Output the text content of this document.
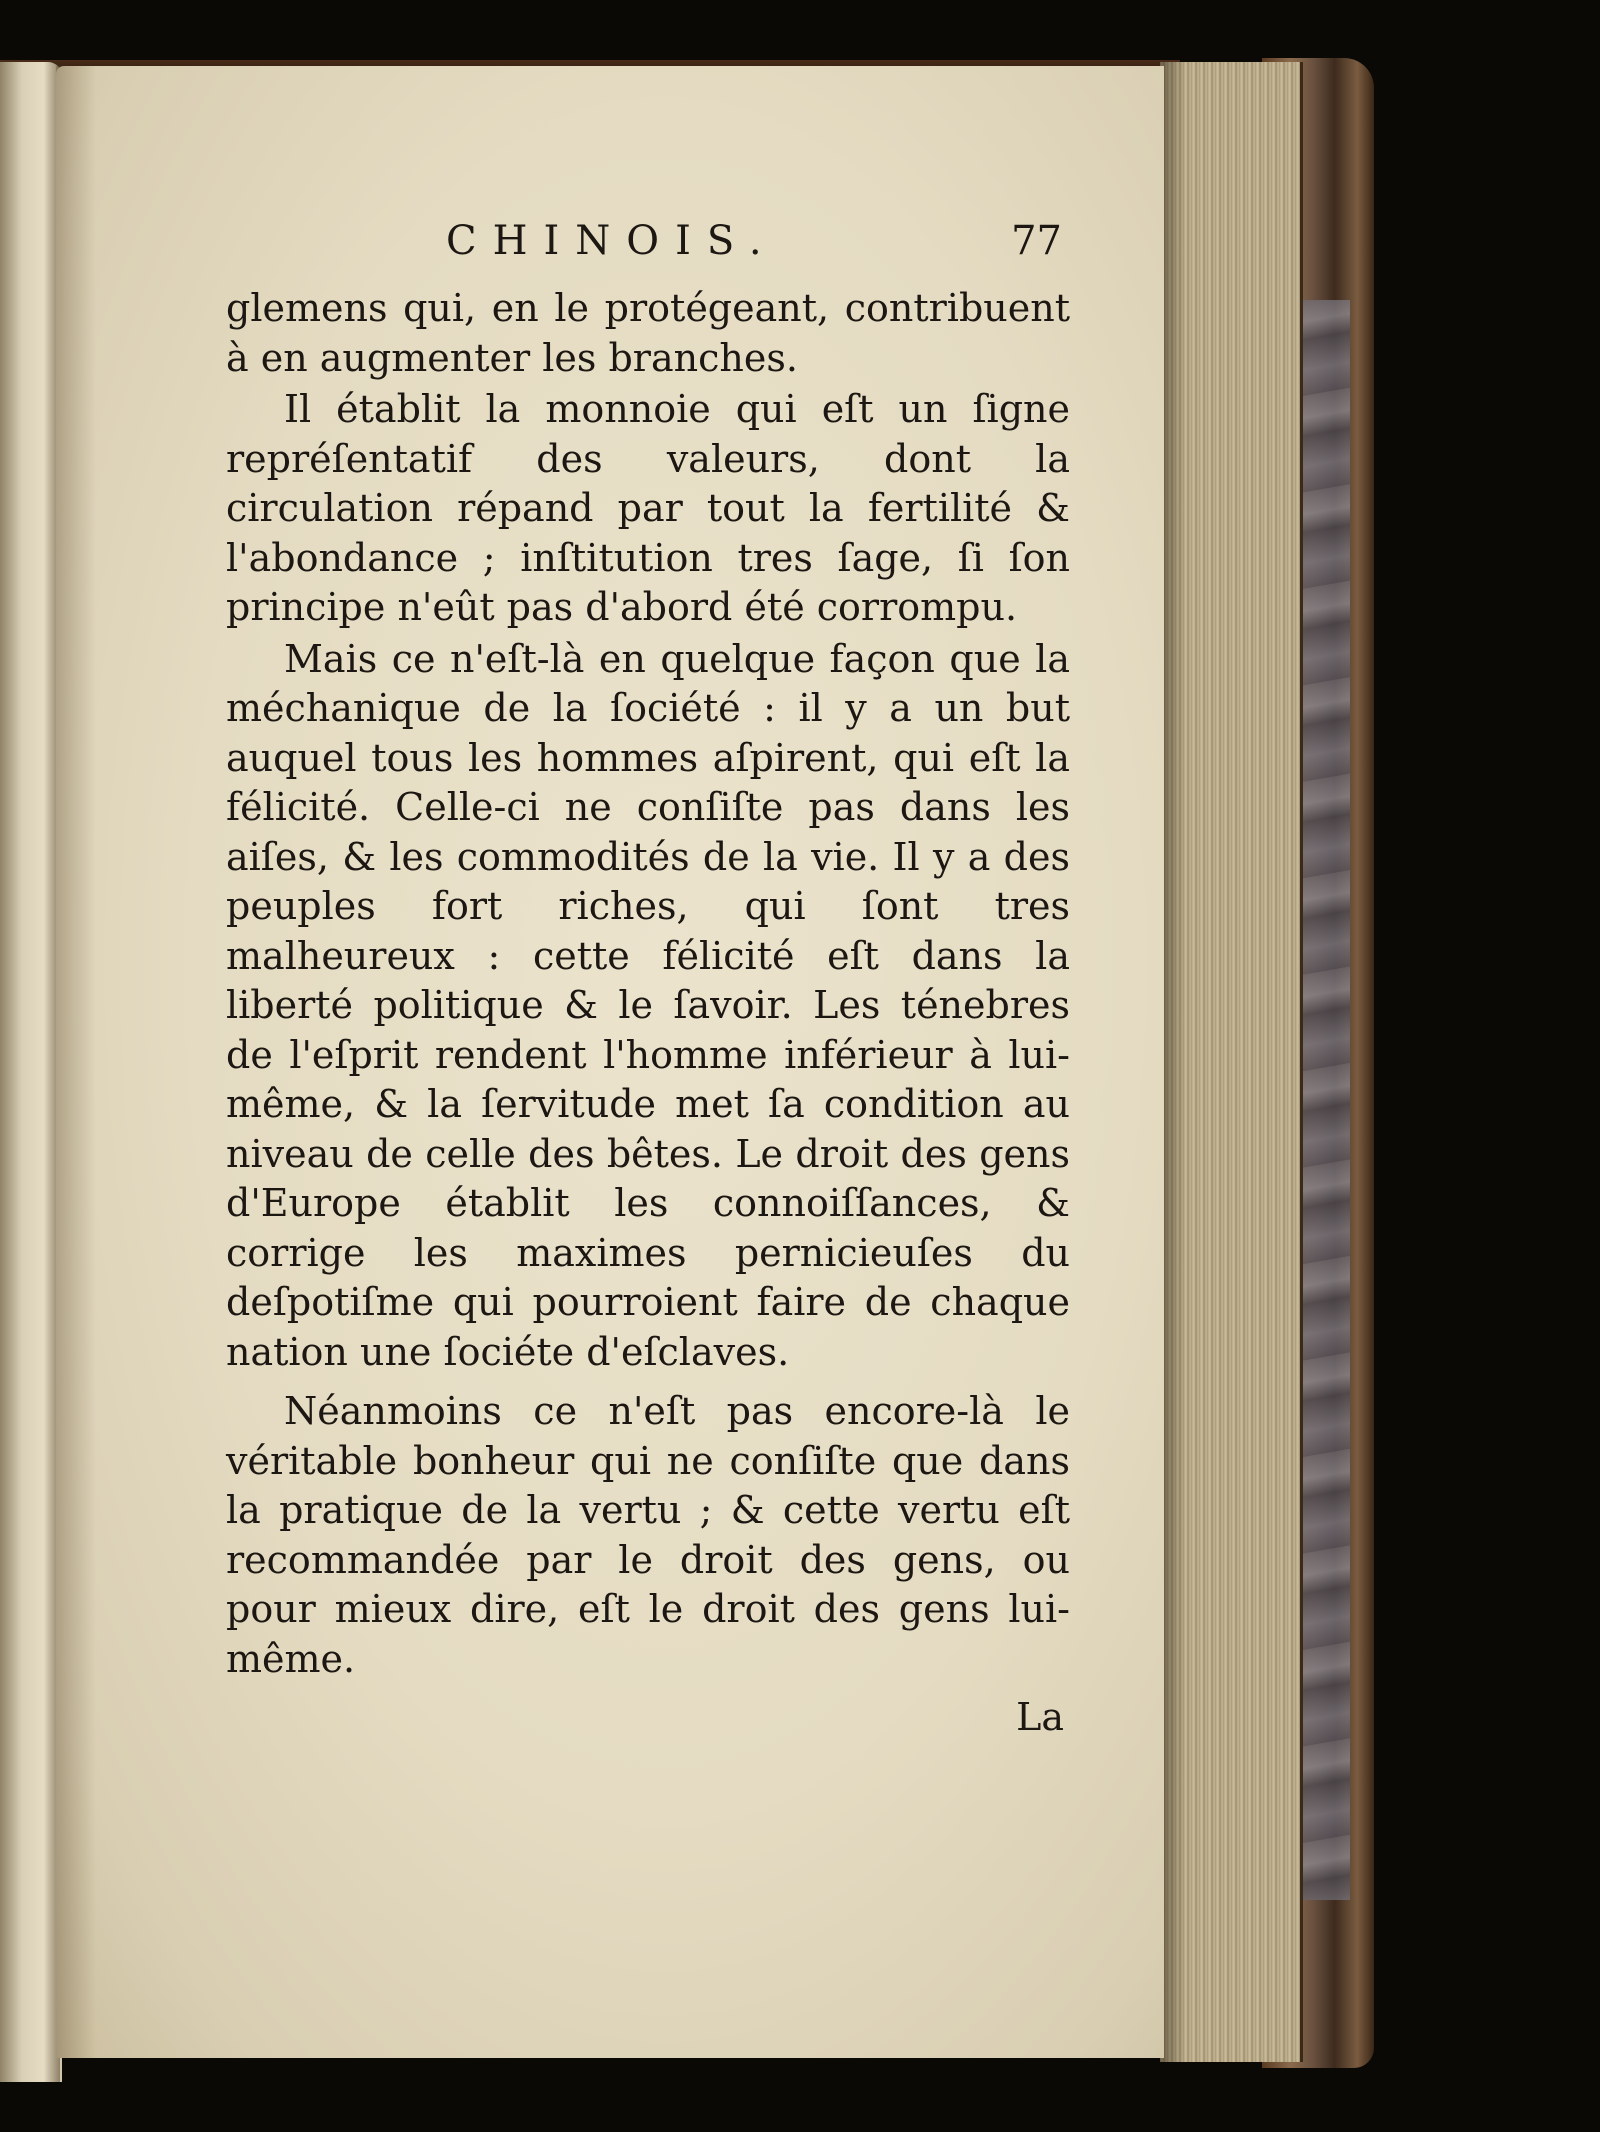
CHINOIS.	77

glemens qui, en le protégeant, contribuent à en augmenter les branches.

Il établit la monnoie qui eſt un ſigne repréſentatif des valeurs, dont la circulation répand par tout la fertilité & l'abondance ; inſtitution tres ſage, ſi ſon principe n'eût pas d'abord été corrompu.

Mais ce n'eſt-là en quelque façon que la méchanique de la ſociété : il y a un but auquel tous les hommes aſpirent, qui eſt la félicité. Celle-ci ne conſiſte pas dans les aiſes, & les commodités de la vie. Il y a des peuples fort riches, qui ſont tres malheureux : cette félicité eſt dans la liberté politique & le ſavoir. Les ténebres de l'eſprit rendent l'homme inférieur à lui-même, & la ſervitude met ſa condition au niveau de celle des bêtes. Le droit des gens d'Europe établit les connoiſſances, & corrige les maximes pernicieuſes du deſpotiſme qui pourroient faire de chaque nation une ſociéte d'eſclaves.

Néanmoins ce n'eſt pas encore-là le véritable bonheur qui ne conſiſte que dans la pratique de la vertu ; & cette vertu eſt recommandée par le droit des gens, ou pour mieux dire, eſt le droit des gens lui-même.

La
